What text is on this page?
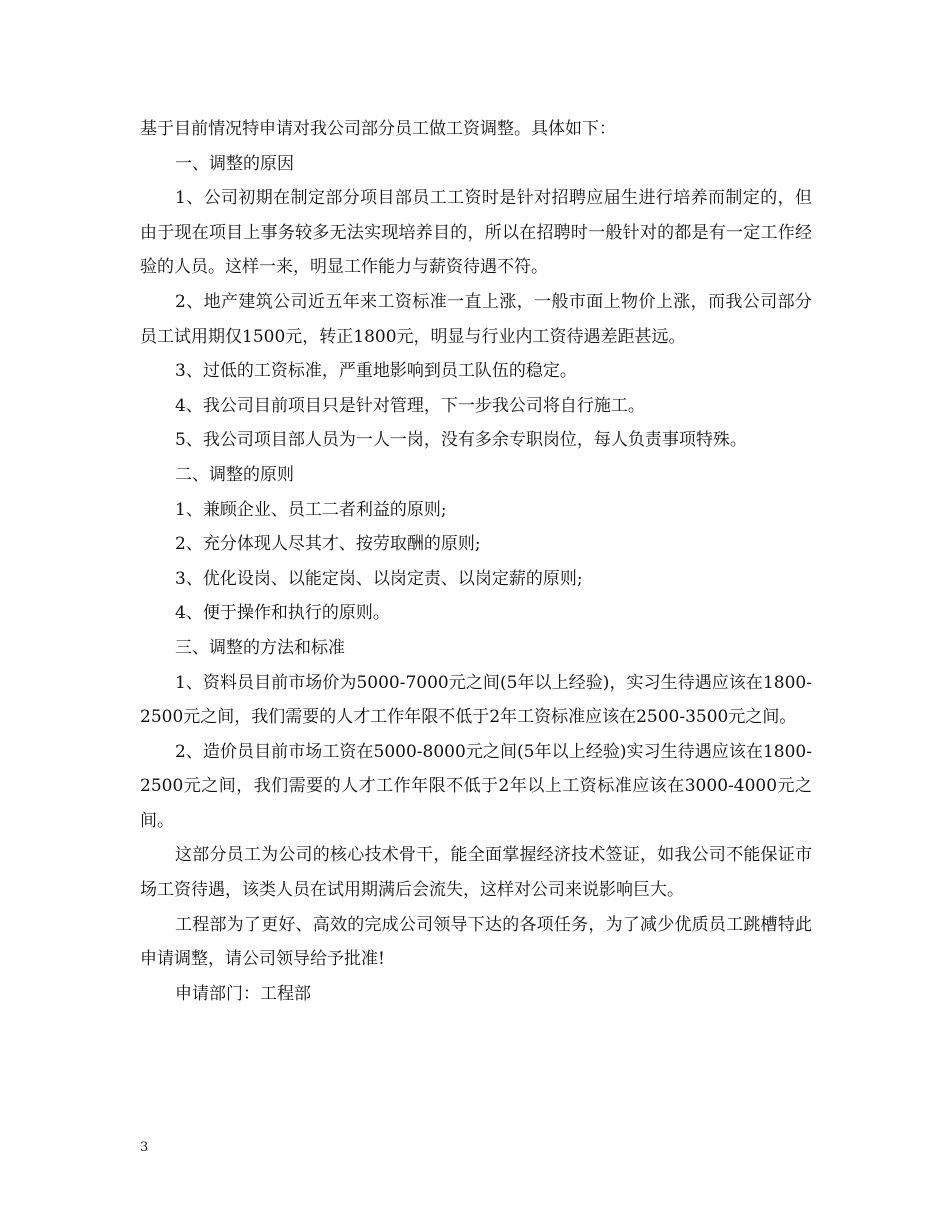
基于目前情况特申请对我公司部分员工做工资调整。具体如下：

一、调整的原因

1、公司初期在制定部分项目部员工工资时是针对招聘应届生进行培养而制定的，但由于现在项目上事务较多无法实现培养目的，所以在招聘时一般针对的都是有一定工作经验的人员。这样一来，明显工作能力与薪资待遇不符。

2、地产建筑公司近五年来工资标准一直上涨，一般市面上物价上涨，而我公司部分员工试用期仅1500元，转正1800元，明显与行业内工资待遇差距甚远。

3、过低的工资标准，严重地影响到员工队伍的稳定。

4、我公司目前项目只是针对管理，下一步我公司将自行施工。

5、我公司项目部人员为一人一岗，没有多余专职岗位，每人负责事项特殊。

二、调整的原则

1、兼顾企业、员工二者利益的原则;

2、充分体现人尽其才、按劳取酬的原则;

3、优化设岗、以能定岗、以岗定责、以岗定薪的原则;

4、便于操作和执行的原则。

三、调整的方法和标准

1、资料员目前市场价为5000-7000元之间(5年以上经验)，实习生待遇应该在1800-2500元之间，我们需要的人才工作年限不低于2年工资标准应该在2500-3500元之间。

2、造价员目前市场工资在5000-8000元之间(5年以上经验)实习生待遇应该在1800-2500元之间，我们需要的人才工作年限不低于2年以上工资标准应该在3000-4000元之间。

这部分员工为公司的核心技术骨干，能全面掌握经济技术签证，如我公司不能保证市场工资待遇，该类人员在试用期满后会流失，这样对公司来说影响巨大。

工程部为了更好、高效的完成公司领导下达的各项任务，为了减少优质员工跳槽特此申请调整，请公司领导给予批准!

申请部门：工程部

3
